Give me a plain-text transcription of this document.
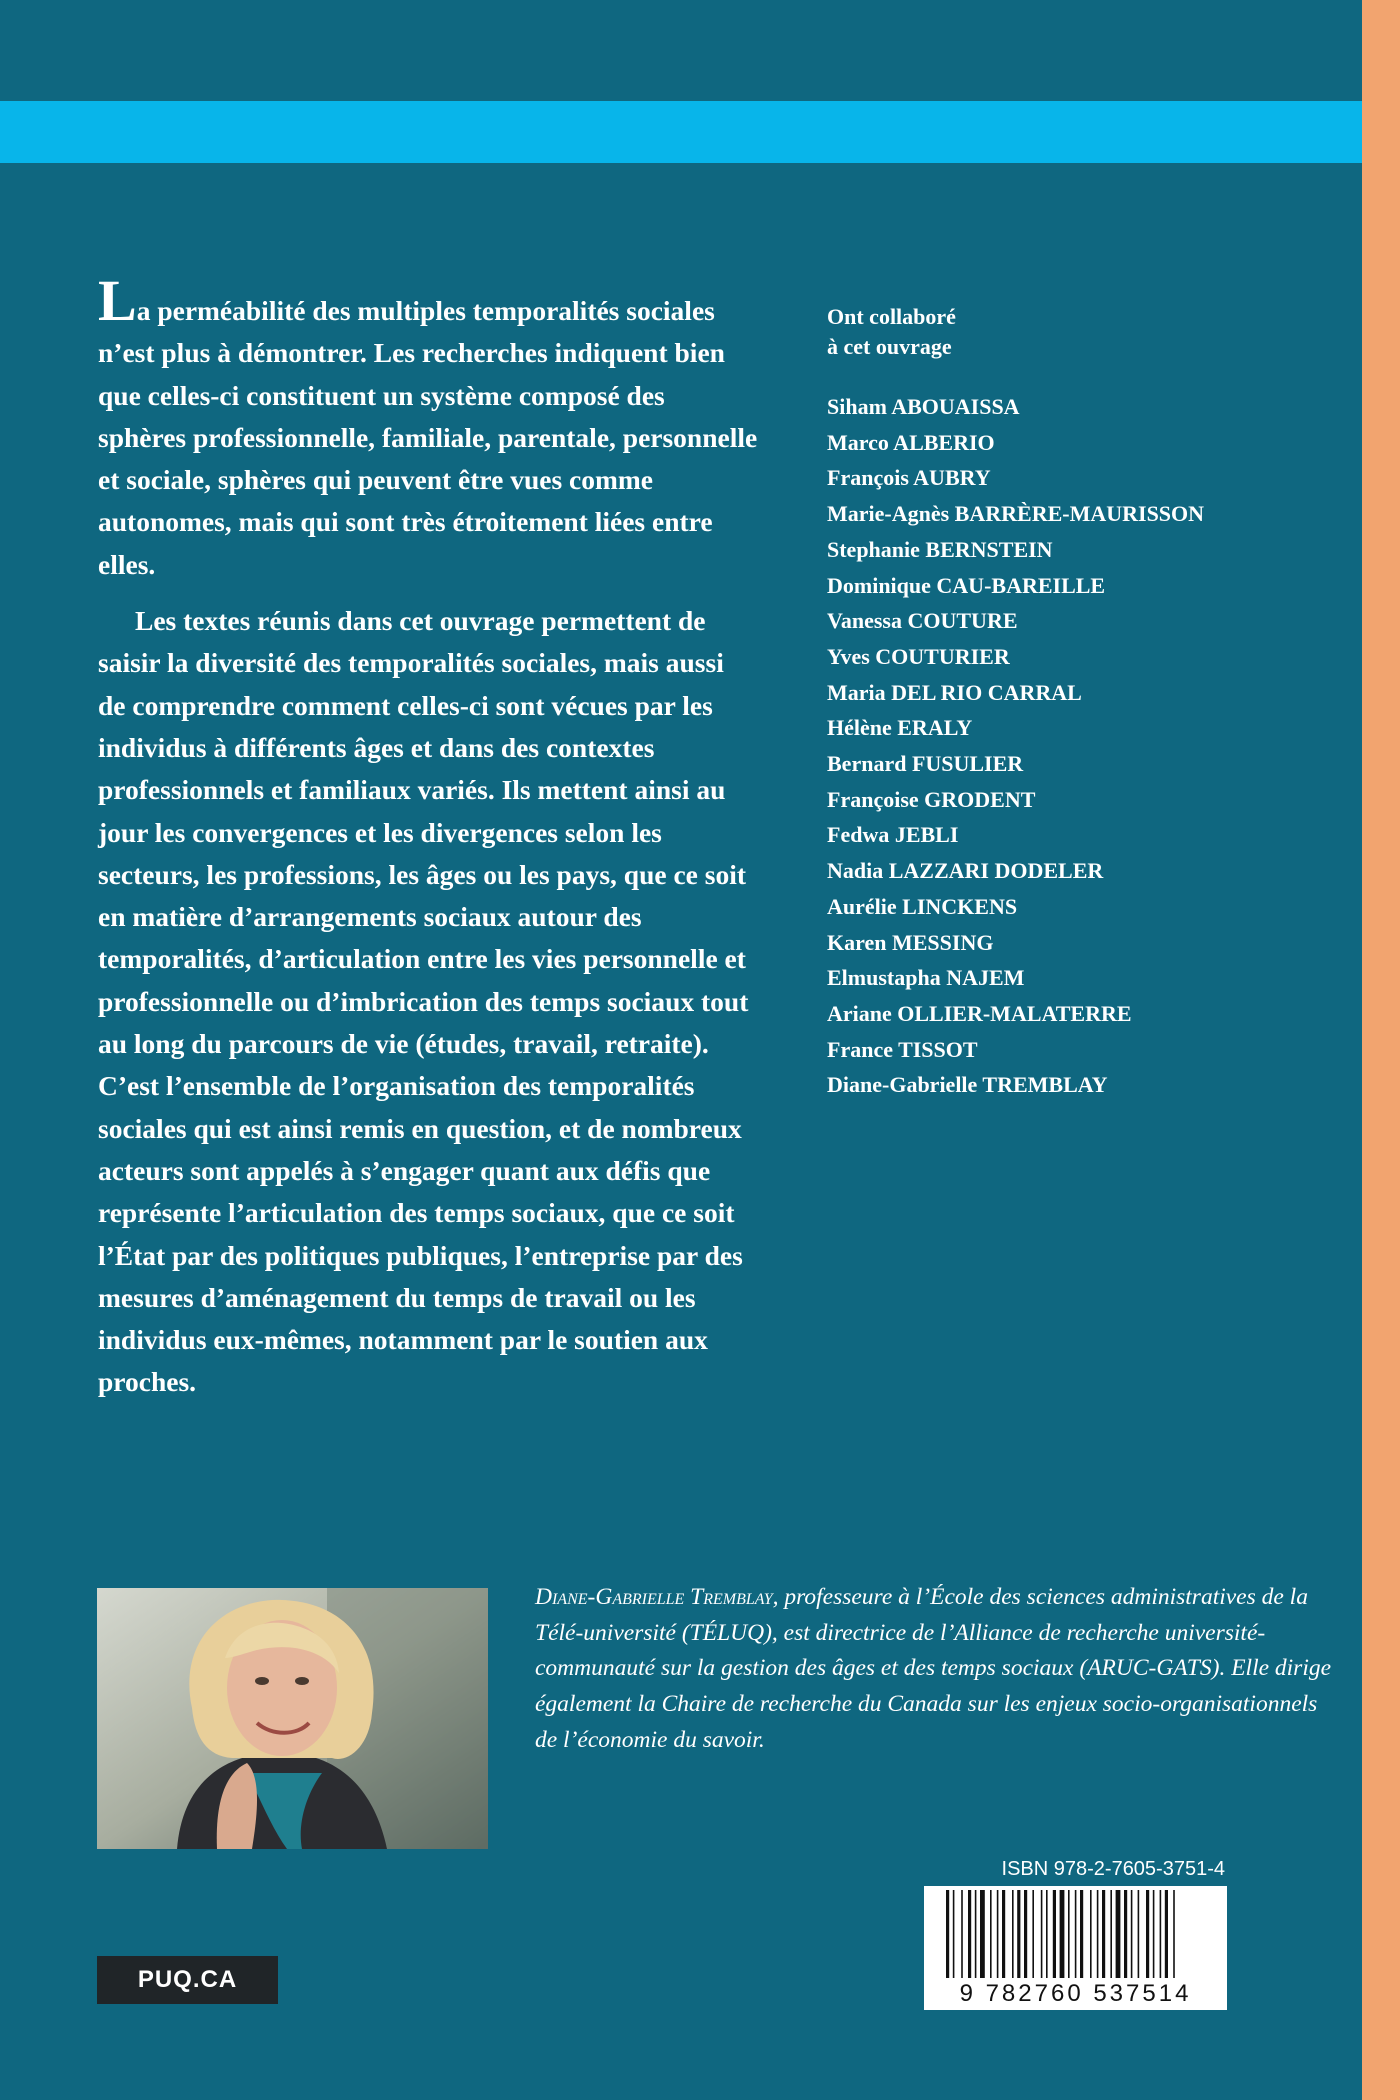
La perméabilité des multiples temporalités sociales n’est plus à démontrer. Les recherches indiquent bien que celles-ci constituent un système composé des sphères professionnelle, familiale, parentale, personnelle et sociale, sphères qui peuvent être vues comme autonomes, mais qui sont très étroitement liées entre elles.

Les textes réunis dans cet ouvrage permettent de saisir la diversité des temporalités sociales, mais aussi de comprendre comment celles-ci sont vécues par les individus à différents âges et dans des contextes professionnels et familiaux variés. Ils mettent ainsi au jour les convergences et les divergences selon les secteurs, les professions, les âges ou les pays, que ce soit en matière d’arrangements sociaux autour des temporalités, d’articulation entre les vies personnelle et professionnelle ou d’imbrication des temps sociaux tout au long du parcours de vie (études, travail, retraite). C’est l’ensemble de l’organisation des temporalités sociales qui est ainsi remis en question, et de nombreux acteurs sont appelés à s’engager quant aux défis que représente l’articulation des temps sociaux, que ce soit l’État par des politiques publiques, l’entreprise par des mesures d’aménagement du temps de travail ou les individus eux-mêmes, notamment par le soutien aux proches.

Ont collaboré
à cet ouvrage
Siham ABOUAISSA
Marco ALBERIO
François AUBRY
Marie-Agnès BARRÈRE-MAURISSON
Stephanie BERNSTEIN
Dominique CAU-BAREILLE
Vanessa COUTURE
Yves COUTURIER
Maria DEL RIO CARRAL
Hélène ERALY
Bernard FUSULIER
Françoise GRODENT
Fedwa JEBLI
Nadia LAZZARI DODELER
Aurélie LINCKENS
Karen MESSING
Elmustapha NAJEM
Ariane OLLIER-MALATERRE
France TISSOT
Diane-Gabrielle TREMBLAY
Diane-Gabrielle Tremblay, professeure à l’École des sciences administratives de la Télé-université (TÉLUQ), est directrice de l’Alliance de recherche université-communauté sur la gestion des âges et des temps sociaux (ARUC-GATS). Elle dirige également la Chaire de recherche du Canada sur les enjeux socio-organisationnels de l’économie du savoir.
ISBN 978-2-7605-3751-4
9 782760 537514
PUQ.CA
